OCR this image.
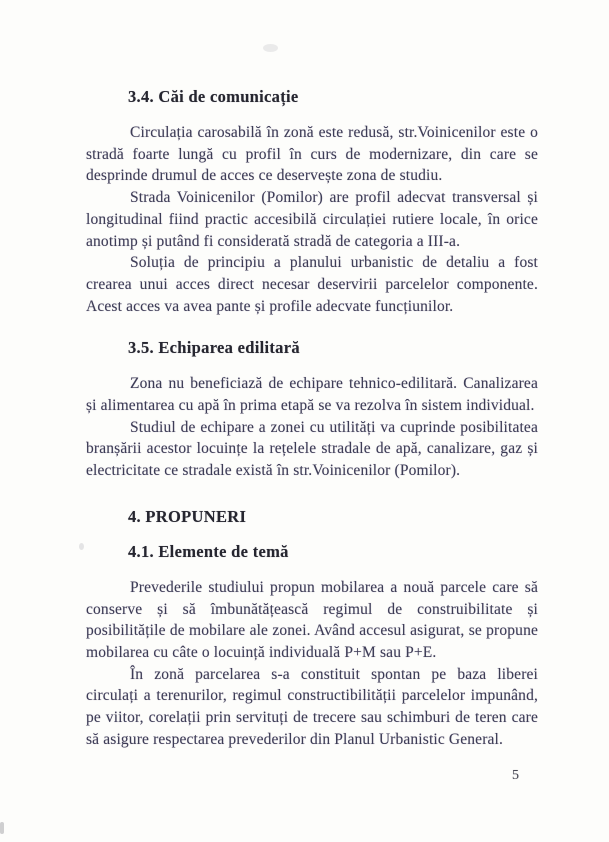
3.4. Căi de comunicație

Circulația carosabilă în zonă este redusă, str.Voinicenilor este o stradă foarte lungă cu profil în curs de modernizare, din care se desprinde drumul de acces ce deservește zona de studiu.

Strada Voinicenilor (Pomilor) are profil adecvat transversal și longitudinal fiind practic accesibilă circulației rutiere locale, în orice anotimp și putând fi considerată stradă de categoria a III-a.

Soluția de principiu a planului urbanistic de detaliu a fost crearea unui acces direct necesar deservirii parcelelor componente. Acest acces va avea pante și profile adecvate funcțiunilor.

3.5. Echiparea edilitară

Zona nu beneficiază de echipare tehnico-edilitară. Canalizarea și alimentarea cu apă în prima etapă se va rezolva în sistem individual.

Studiul de echipare a zonei cu utilități va cuprinde posibilitatea branșării acestor locuințe la rețelele stradale de apă, canalizare, gaz și electricitate ce stradale există în str.Voinicenilor (Pomilor).

4. PROPUNERI
4.1. Elemente de temă

Prevederile studiului propun mobilarea a nouă parcele care să conserve și să îmbunătățească regimul de construibilitate și posibilitățile de mobilare ale zonei. Având accesul asigurat, se propune mobilarea cu câte o locuință individuală P+M sau P+E.

În zonă parcelarea s-a constituit spontan pe baza liberei circulați a terenurilor, regimul constructibilității parcelelor impunând, pe viitor, corelații prin servituți de trecere sau schimburi de teren care să asigure respectarea prevederilor din Planul Urbanistic General.

5
